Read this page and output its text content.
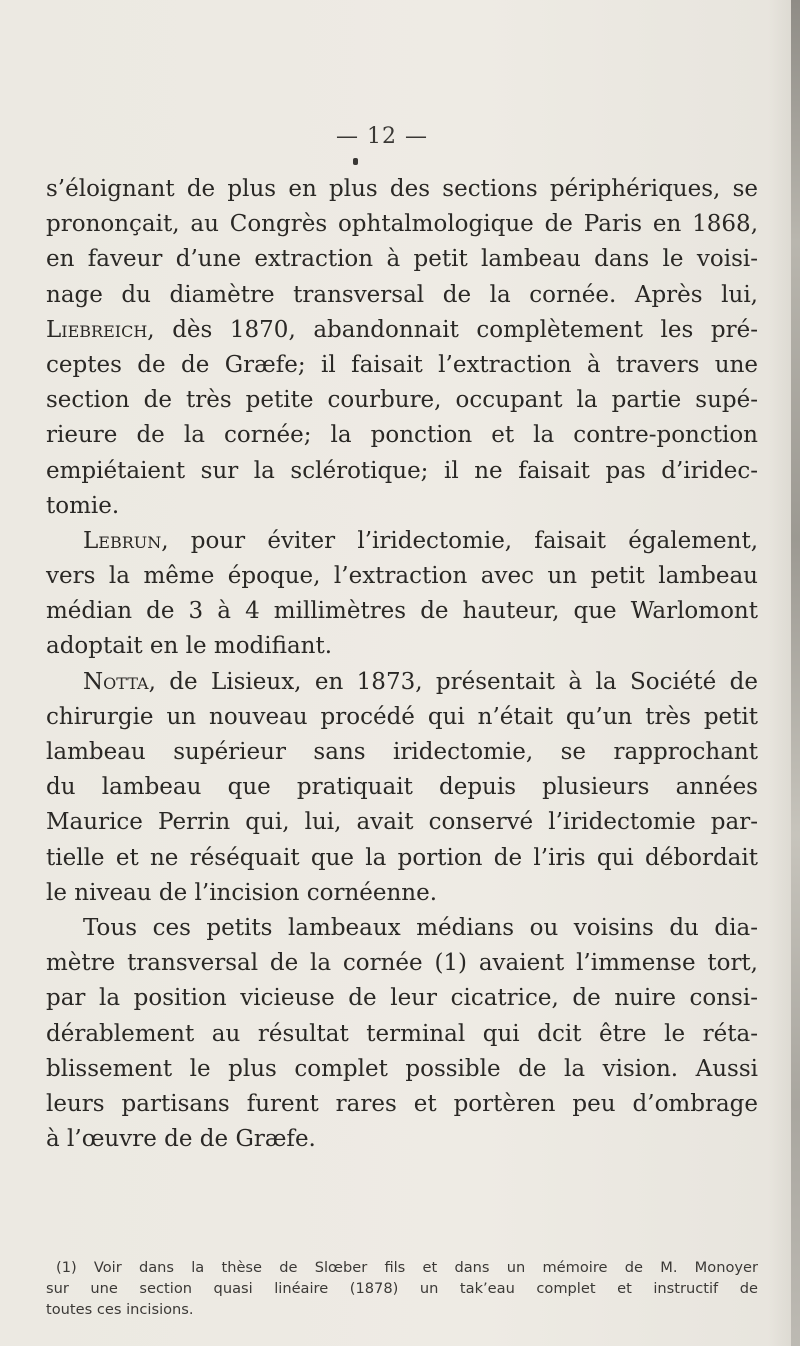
— 12 —
s’éloignant de plus en plus des sections périphériques, se
prononçait, au Congrès ophtalmologique de Paris en 1868,
en faveur d’une extraction à petit lambeau dans le voisi-
nage du diamètre transversal de la cornée. Après lui,
Liebreich, dès 1870, abandonnait complètement les pré-
ceptes de de Græfe; il faisait l’extraction à travers une
section de très petite courbure, occupant la partie supé-
rieure de la cornée; la ponction et la contre-ponction
empiétaient sur la sclérotique; il ne faisait pas d’iridec-
tomie.
Lebrun, pour éviter l’iridectomie, faisait également,
vers la même époque, l’extraction avec un petit lambeau
médian de 3 à 4 millimètres de hauteur, que Warlomont
adoptait en le modifiant.
Notta, de Lisieux, en 1873, présentait à la Société de
chirurgie un nouveau procédé qui n’était qu’un très petit
lambeau supérieur sans iridectomie, se rapprochant
du lambeau que pratiquait depuis plusieurs années
Maurice Perrin qui, lui, avait conservé l’iridectomie par-
tielle et ne réséquait que la portion de l’iris qui débordait
le niveau de l’incision cornéenne.
Tous ces petits lambeaux médians ou voisins du dia-
mètre transversal de la cornée (1) avaient l’immense tort,
par la position vicieuse de leur cicatrice, de nuire consi-
dérablement au résultat terminal qui dcit être le réta-
blissement le plus complet possible de la vision. Aussi
leurs partisans furent rares et portèren peu d’ombrage
à l’œuvre de de Græfe.
(1) Voir dans la thèse de Slœber fils et dans un mémoire de M. Monoyer
sur une section quasi linéaire (1878) un tak’eau complet et instructif de
toutes ces incisions.
